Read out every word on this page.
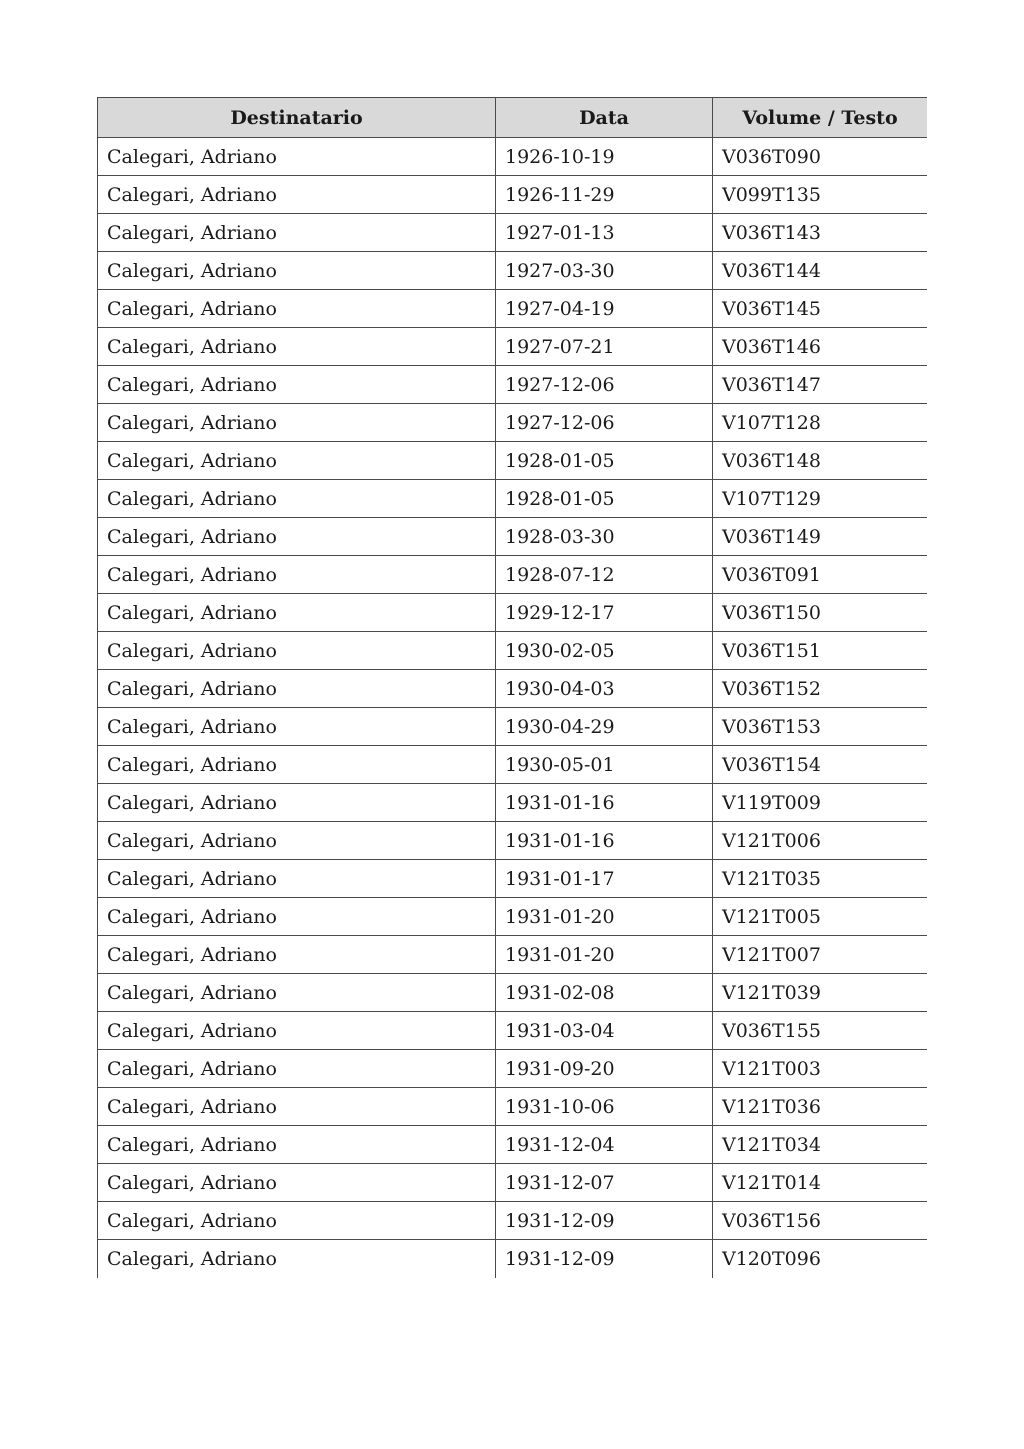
Destinatario	Data	Volume / Testo
Calegari, Adriano	1926-10-19	V036T090
Calegari, Adriano	1926-11-29	V099T135
Calegari, Adriano	1927-01-13	V036T143
Calegari, Adriano	1927-03-30	V036T144
Calegari, Adriano	1927-04-19	V036T145
Calegari, Adriano	1927-07-21	V036T146
Calegari, Adriano	1927-12-06	V036T147
Calegari, Adriano	1927-12-06	V107T128
Calegari, Adriano	1928-01-05	V036T148
Calegari, Adriano	1928-01-05	V107T129
Calegari, Adriano	1928-03-30	V036T149
Calegari, Adriano	1928-07-12	V036T091
Calegari, Adriano	1929-12-17	V036T150
Calegari, Adriano	1930-02-05	V036T151
Calegari, Adriano	1930-04-03	V036T152
Calegari, Adriano	1930-04-29	V036T153
Calegari, Adriano	1930-05-01	V036T154
Calegari, Adriano	1931-01-16	V119T009
Calegari, Adriano	1931-01-16	V121T006
Calegari, Adriano	1931-01-17	V121T035
Calegari, Adriano	1931-01-20	V121T005
Calegari, Adriano	1931-01-20	V121T007
Calegari, Adriano	1931-02-08	V121T039
Calegari, Adriano	1931-03-04	V036T155
Calegari, Adriano	1931-09-20	V121T003
Calegari, Adriano	1931-10-06	V121T036
Calegari, Adriano	1931-12-04	V121T034
Calegari, Adriano	1931-12-07	V121T014
Calegari, Adriano	1931-12-09	V036T156
Calegari, Adriano	1931-12-09	V120T096
